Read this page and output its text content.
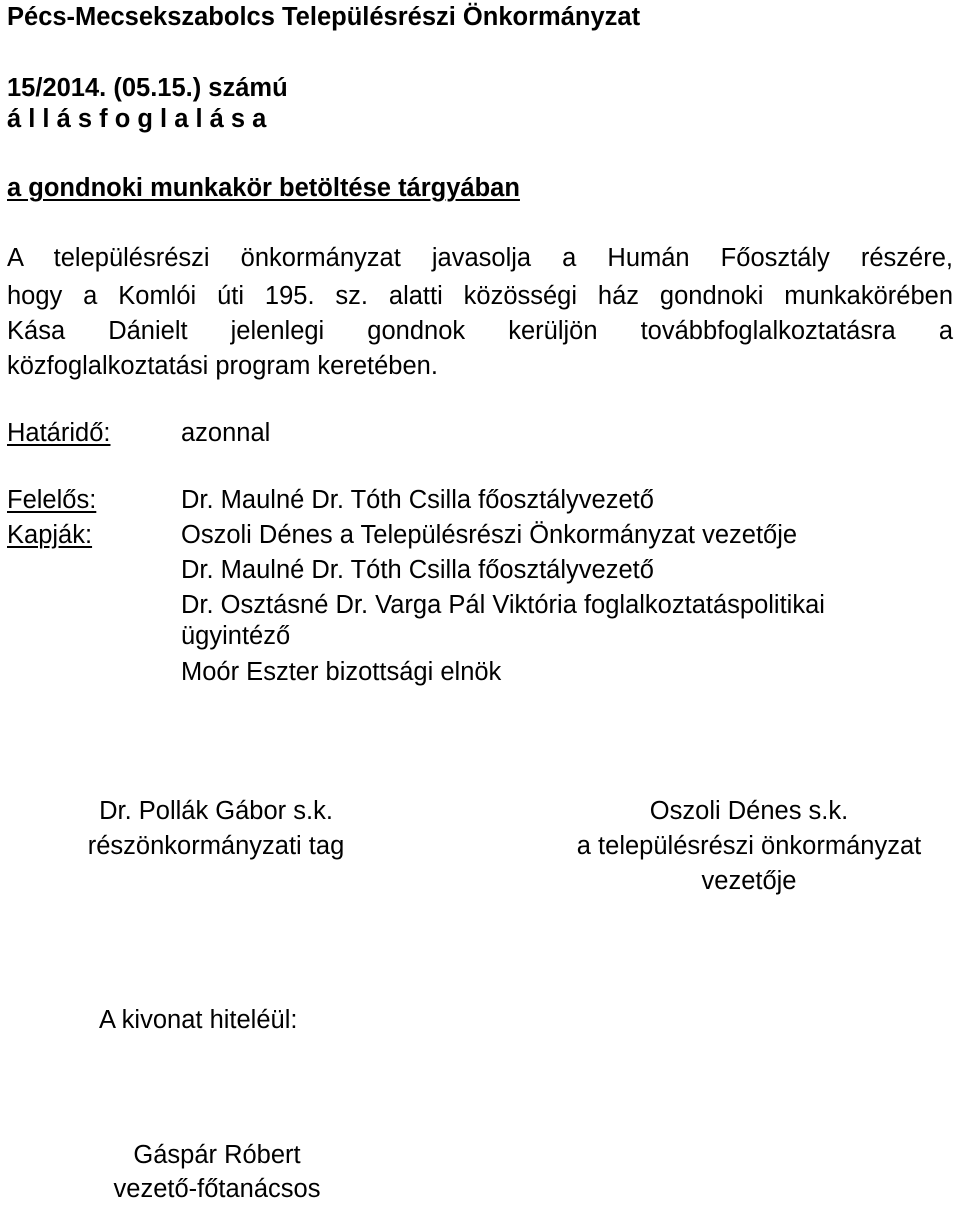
Pécs-Mecsekszabolcs Településrészi Önkormányzat
15/2014. (05.15.) számú
á l l á s f o g l a l á s a
a gondnoki munkakör betöltése tárgyában
A településrészi önkormányzat javasolja a Humán Főosztály részére,
hogy a Komlói úti 195. sz. alatti közösségi ház gondnoki munkakörében
Kása Dánielt jelenlegi gondnok kerüljön továbbfoglalkoztatásra a
közfoglalkoztatási program keretében.
Határidő:	azonnal
Felelős:	Dr. Maulné Dr. Tóth Csilla főosztályvezető
Kapják:	Oszoli Dénes a Településrészi Önkormányzat vezetője
Dr. Maulné Dr. Tóth Csilla főosztályvezető
Dr. Osztásné Dr. Varga Pál Viktória foglalkoztatáspolitikai
ügyintéző
Moór Eszter bizottsági elnök
Dr. Pollák Gábor s.k.
részönkormányzati tag
Oszoli Dénes s.k.
a településrészi önkormányzat
vezetője
A kivonat hiteléül:
Gáspár Róbert
vezető-főtanácsos
